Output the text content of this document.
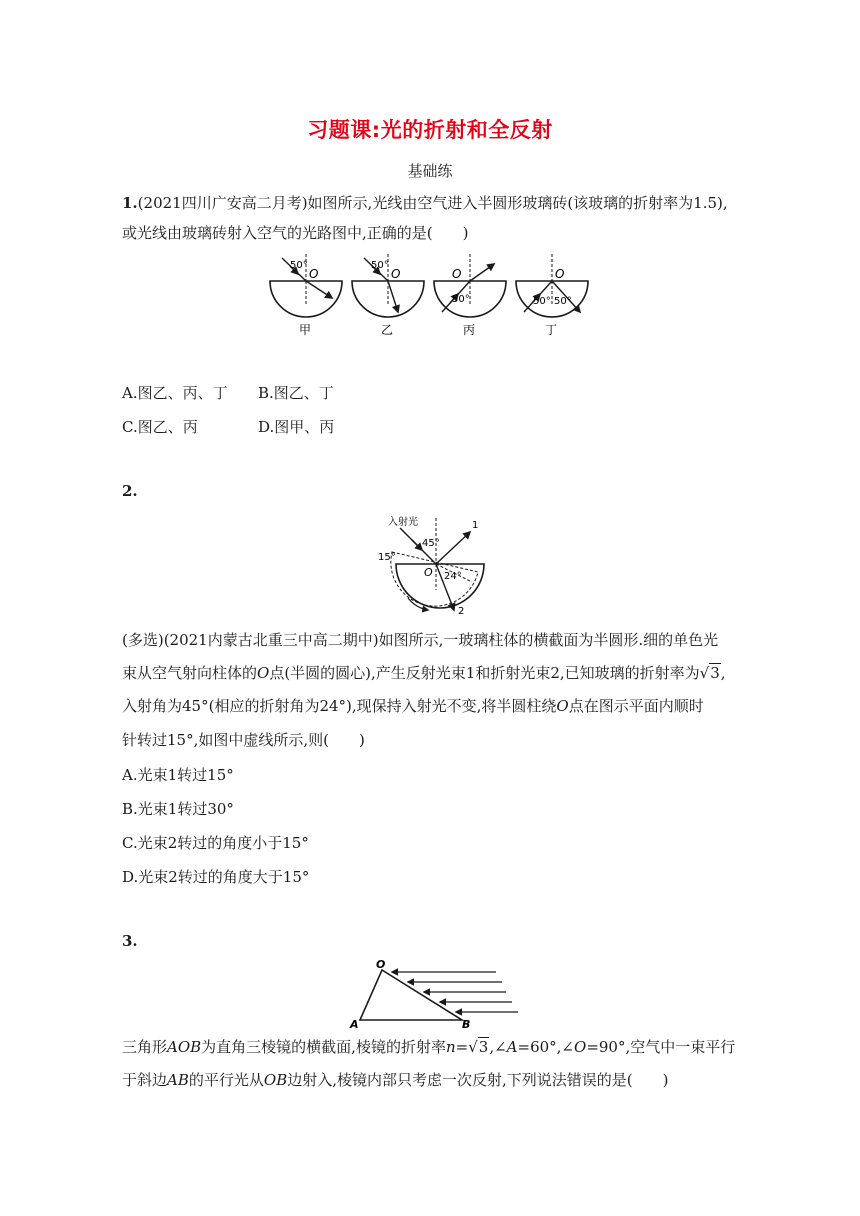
习题课:光的折射和全反射
基础练
1.(2021四川广安高二月考)如图所示,光线由空气进入半圆形玻璃砖(该玻璃的折射率为1.5),
或光线由玻璃砖射入空气的光路图中,正确的是(　　)
50°
O
甲
50°
O
乙
O
50°
丙
O
50° 50°
丁
A.图乙、丙、丁 B.图乙、丁
C.图乙、丙	D.图甲、丙
2.
入射光
45°
15°
O 24°
1
2
(多选)(2021内蒙古北重三中高二期中)如图所示,一玻璃柱体的横截面为半圆形.细的单色光
束从空气射向柱体的O点(半圆的圆心),产生反射光束1和折射光束2,已知玻璃的折射率为√3,
入射角为45°(相应的折射角为24°),现保持入射光不变,将半圆柱绕O点在图示平面内顺时
针转过15°,如图中虚线所示,则(　　)
A.光束1转过15°
B.光束1转过30°
C.光束2转过的角度小于15°
D.光束2转过的角度大于15°
3.
O
A	B
三角形AOB为直角三棱镜的横截面,棱镜的折射率n=√3,∠A=60°,∠O=90°,空气中一束平行
于斜边AB的平行光从OB边射入,棱镜内部只考虑一次反射,下列说法错误的是(　　)
